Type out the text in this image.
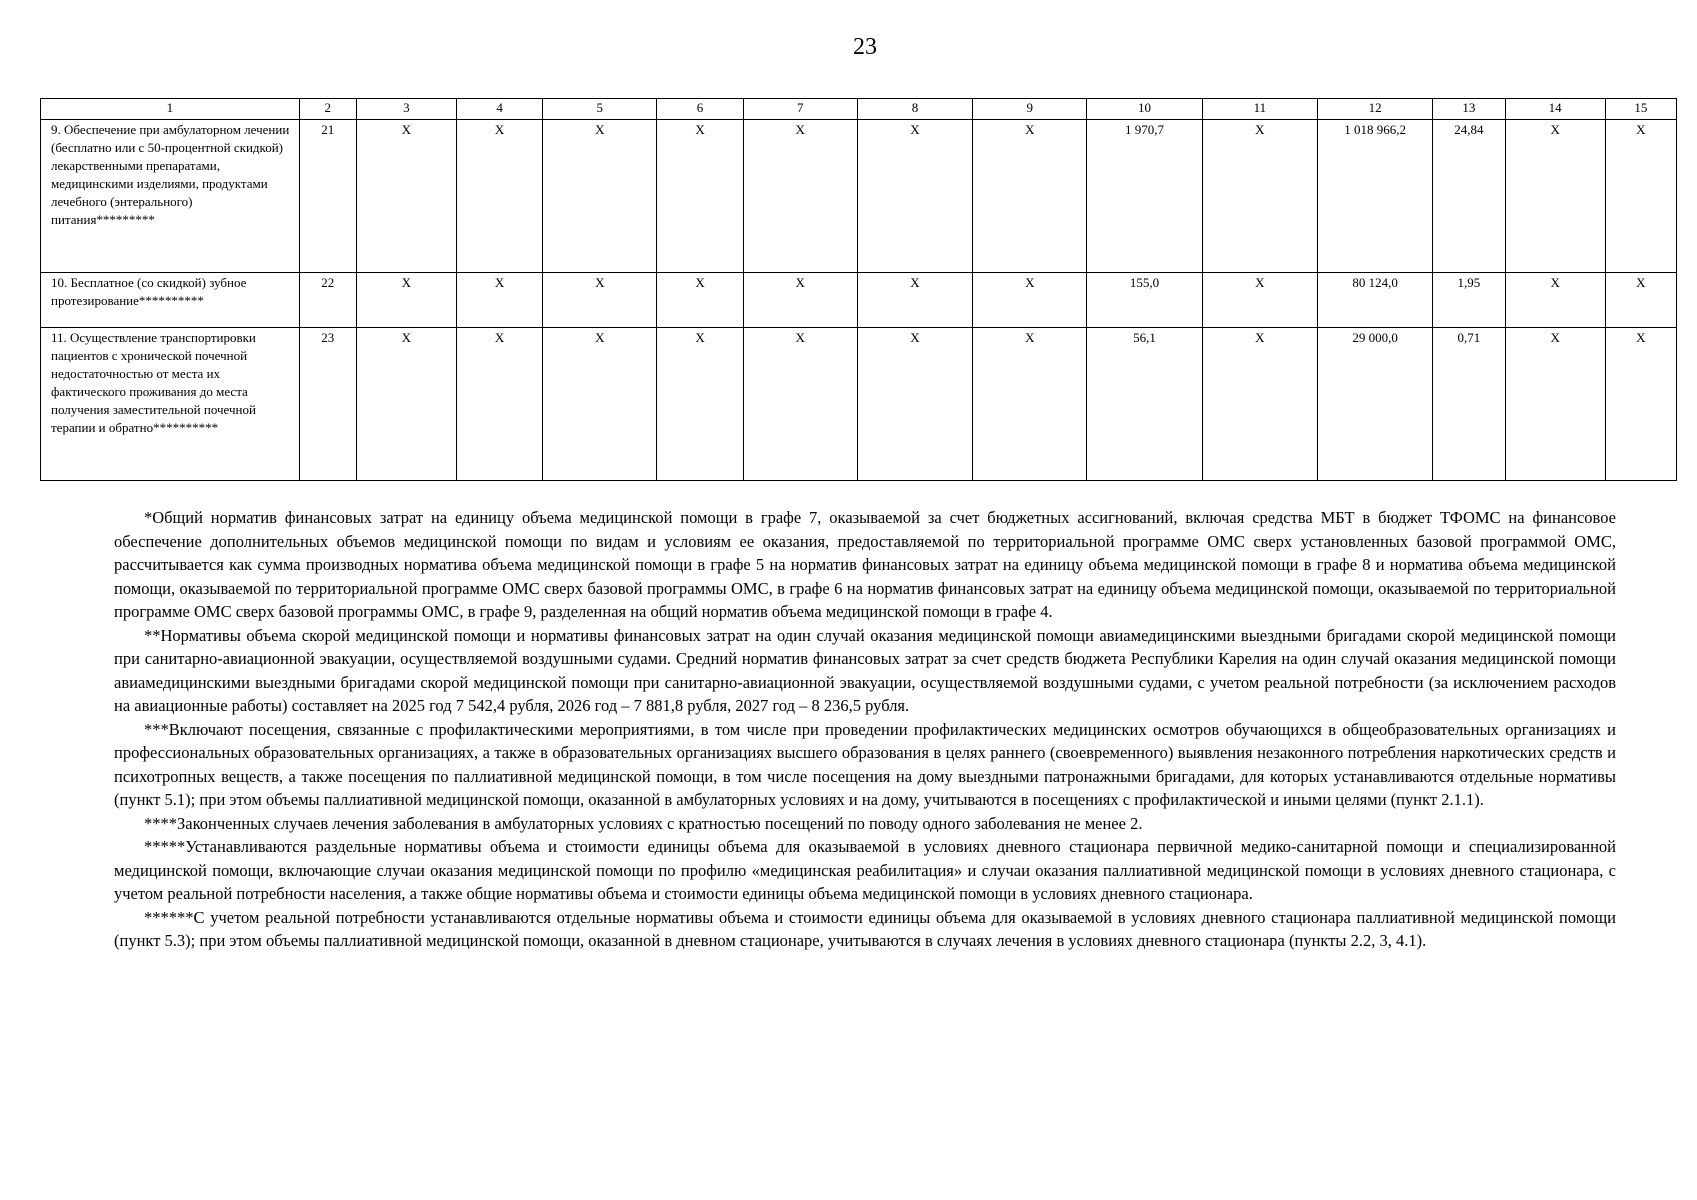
23
1	2	3	4	5	6	7	8	9	10	11	12	13	14	15
9. Обеспечение при амбулаторном лечении (бесплатно или с 50-процентной скидкой) лекарственными препаратами, медицинскими изделиями, продуктами лечебного (энтерального) питания*********	21	Х	Х	Х	Х	Х	Х	Х	1 970,7	Х	1 018 966,2	24,84	Х	Х
10. Бесплатное (со скидкой) зубное протезирование**********	22	Х	Х	Х	Х	Х	Х	Х	155,0	Х	80 124,0	1,95	Х	Х
11. Осуществление транспортировки пациентов с хронической почечной недостаточностью от места их фактического проживания до места получения заместительной почечной терапии и обратно**********	23	Х	Х	Х	Х	Х	Х	Х	56,1	Х	29 000,0	0,71	Х	Х

*Общий норматив финансовых затрат на единицу объема медицинской помощи в графе 7, оказываемой за счет бюджетных ассигнований, включая средства МБТ в бюджет ТФОМС на финансовое обеспечение дополнительных объемов медицинской помощи по видам и условиям ее оказания, предоставляемой по территориальной программе ОМС сверх установленных базовой программой ОМС, рассчитывается как сумма производных норматива объема медицинской помощи в графе 5 на норматив финансовых затрат на единицу объема медицинской помощи в графе 8 и норматива объема медицинской помощи, оказываемой по территориальной программе ОМС сверх базовой программы ОМС, в графе 6 на норматив финансовых затрат на единицу объема медицинской помощи, оказываемой по территориальной программе ОМС сверх базовой программы ОМС, в графе 9, разделенная на общий норматив объема медицинской помощи в графе 4.

**Нормативы объема скорой медицинской помощи и нормативы финансовых затрат на один случай оказания медицинской помощи авиамедицинскими выездными бригадами скорой медицинской помощи при санитарно-авиационной эвакуации, осуществляемой воздушными судами. Средний норматив финансовых затрат за счет средств бюджета Республики Карелия на один случай оказания медицинской помощи авиамедицинскими выездными бригадами скорой медицинской помощи при санитарно-авиационной эвакуации, осуществляемой воздушными судами, с учетом реальной потребности (за исключением расходов на авиационные работы) составляет на 2025 год 7 542,4 рубля, 2026 год – 7 881,8 рубля, 2027 год – 8 236,5 рубля.

***Включают посещения, связанные с профилактическими мероприятиями, в том числе при проведении профилактических медицинских осмотров обучающихся в общеобразовательных организациях и профессиональных образовательных организациях, а также в образовательных организациях высшего образования в целях раннего (своевременного) выявления незаконного потребления наркотических средств и психотропных веществ, а также посещения по паллиативной медицинской помощи, в том числе посещения на дому выездными патронажными бригадами, для которых устанавливаются отдельные нормативы (пункт 5.1); при этом объемы паллиативной медицинской помощи, оказанной в амбулаторных условиях и на дому, учитываются в посещениях с профилактической и иными целями (пункт 2.1.1).

****Законченных случаев лечения заболевания в амбулаторных условиях с кратностью посещений по поводу одного заболевания не менее 2.

*****Устанавливаются раздельные нормативы объема и стоимости единицы объема для оказываемой в условиях дневного стационара первичной медико-санитарной помощи и специализированной медицинской помощи, включающие случаи оказания медицинской помощи по профилю «медицинская реабилитация» и случаи оказания паллиативной медицинской помощи в условиях дневного стационара, с учетом реальной потребности населения, а также общие нормативы объема и стоимости единицы объема медицинской помощи в условиях дневного стационара.

******С учетом реальной потребности устанавливаются отдельные нормативы объема и стоимости единицы объема для оказываемой в условиях дневного стационара паллиативной медицинской помощи (пункт 5.3); при этом объемы паллиативной медицинской помощи, оказанной в дневном стационаре, учитываются в случаях лечения в условиях дневного стационара (пункты 2.2, 3, 4.1).
